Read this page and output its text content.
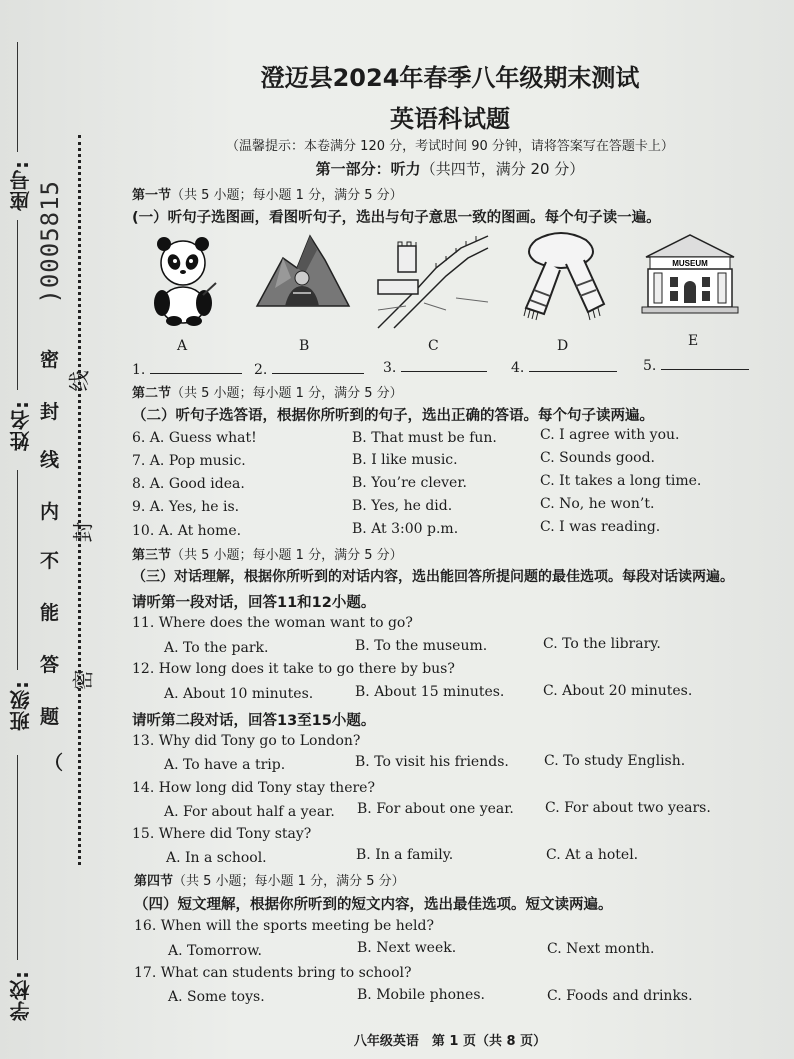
座号:
姓名:
班级:
学校:
)0005815
密
封
线
内
不
能
答
题
（
线
封
密
澄迈县2024年春季八年级期末测试
英语科试题
（温馨提示：本卷满分 120 分，考试时间 90 分钟，请将答案写在答题卡上）
第一部分：听力（共四节，满分 20 分）
第一节（共 5 小题；每小题 1 分，满分 5 分）
(一）听句子选图画，看图听句子，选出与句子意思一致的图画。每个句子读一遍。
A	B	C	D
MUSEUM
E
1.	2.	3.	4.	5.
第二节（共 5 小题；每小题 1 分，满分 5 分）
（二）听句子选答语，根据你所听到的句子，选出正确的答语。每个句子读两遍。
6. A. Guess what!	B. That must be fun.	C. I agree with you.
7. A. Pop music.	B. I like music.	C. Sounds good.
8. A. Good idea.	B. You’re clever.	C. It takes a long time.
9. A. Yes, he is.	B. Yes, he did.	C. No, he won’t.
10. A. At home.	B. At 3:00 p.m.	C. I was reading.
第三节（共 5 小题；每小题 1 分，满分 5 分）
（三）对话理解，根据你所听到的对话内容，选出能回答所提问题的最佳选项。每段对话读两遍。
请听第一段对话，回答11和12小题。
11. Where does the woman want to go?
A. To the park.	B. To the museum.	C. To the library.
12. How long does it take to go there by bus?
A. About 10 minutes.	B. About 15 minutes.	C. About 20 minutes.
请听第二段对话，回答13至15小题。
13. Why did Tony go to London?
A. To have a trip.	B. To visit his friends.	C. To study English.
14. How long did Tony stay there?
A. For about half a year. B. For about one year. C. For about two years.
15. Where did Tony stay?
A. In a school.	B. In a family.	C. At a hotel.
第四节（共 5 小题；每小题 1 分，满分 5 分）
（四）短文理解，根据你所听到的短文内容，选出最佳选项。短文读两遍。
16. When will the sports meeting be held?
A. Tomorrow.	B. Next week.	C. Next month.
17. What can students bring to school?
A. Some toys.	B. Mobile phones.	C. Foods and drinks.
八年级英语　第 1 页（共 8 页）
